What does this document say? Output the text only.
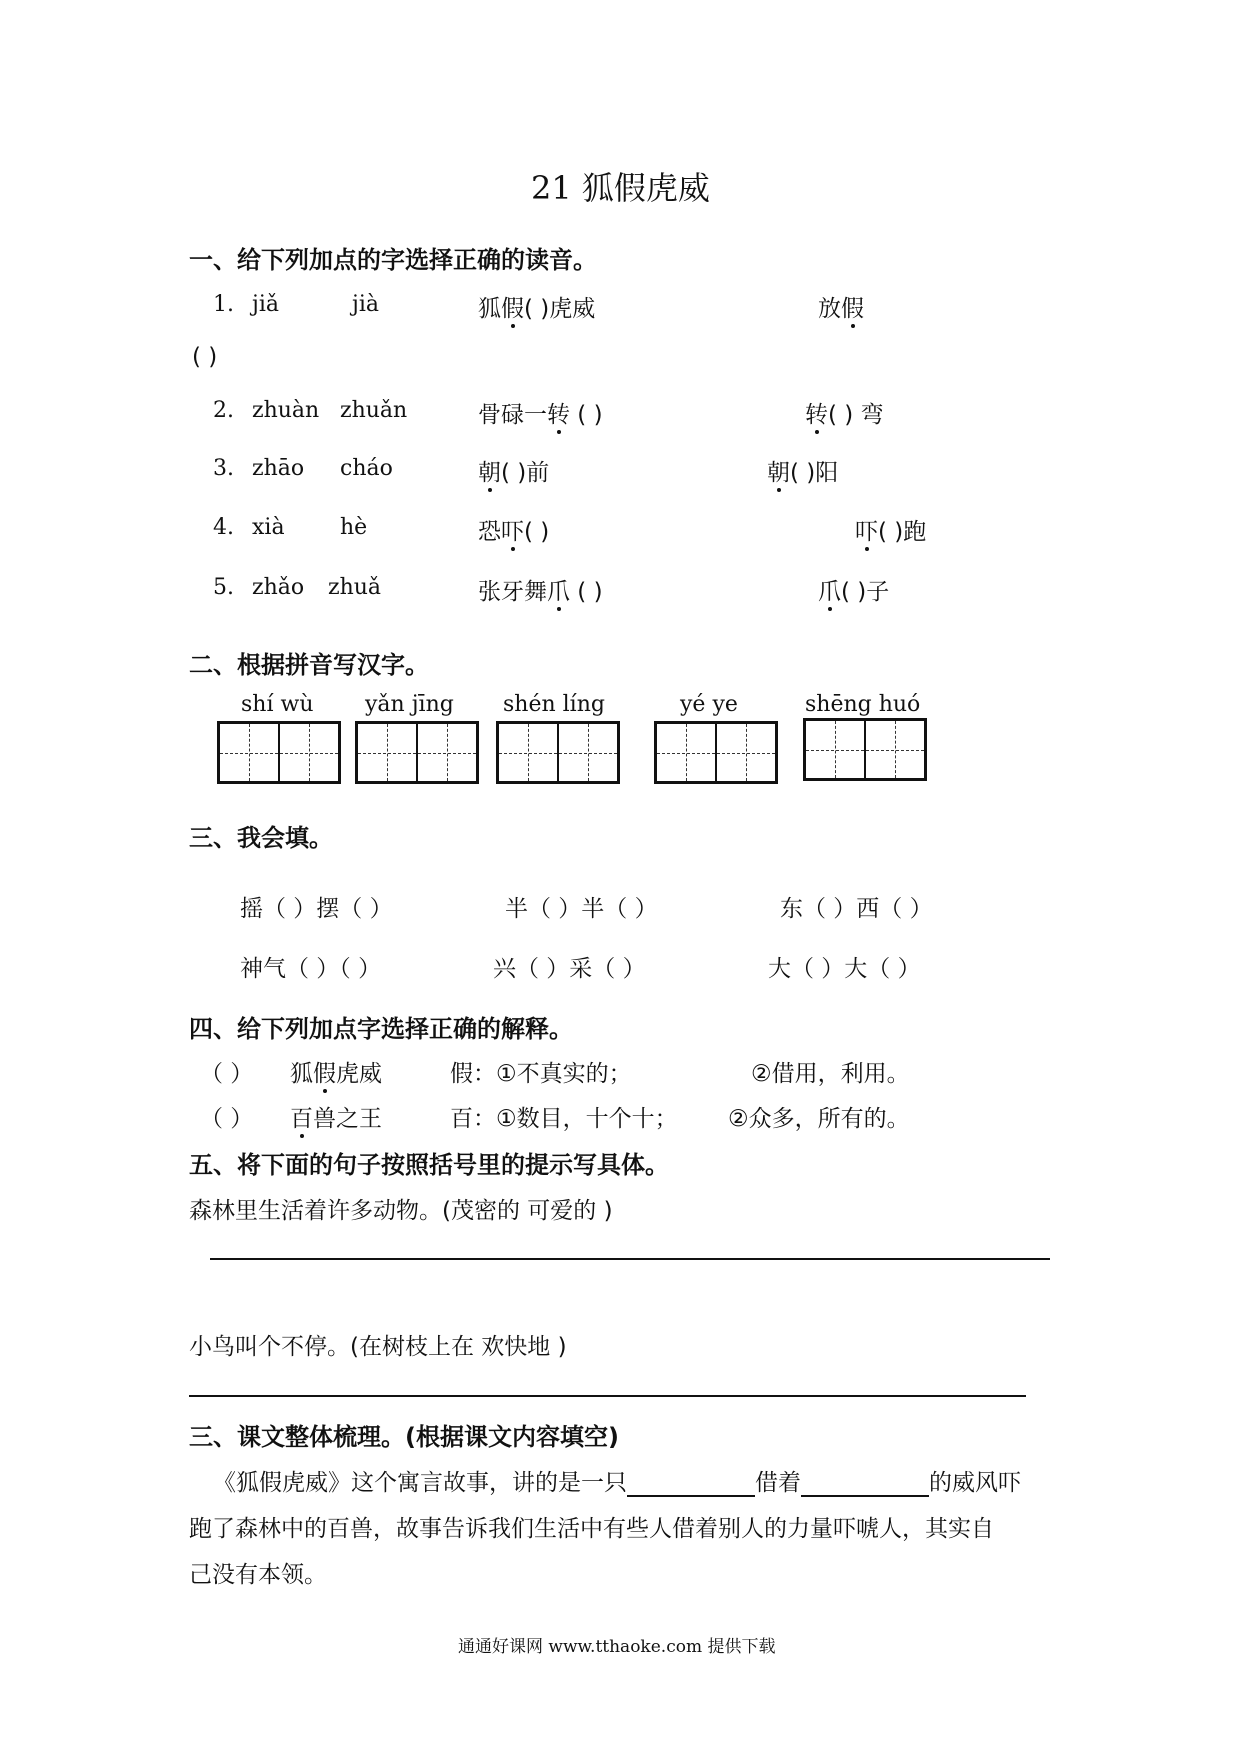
21 狐假虎威
一、给下列加点的字选择正确的读音。
1. jiǎ	jià	狐假( )虎威	放假
( )
2. zhuàn zhuǎn	骨碌一转 ( )	转( ) 弯
3. zhāo cháo	朝( )前	朝( )阳
4. xià	hè	恐吓( )	吓( )跑
5. zhǎo zhuǎ	张牙舞爪 ( )	爪( )子
二、根据拼音写汉字。
shí wù yǎn jīng shén líng	yé ye	shēng huó
三、我会填。
摇（ ）摆（ ）	半（ ）半（ ）	东（ ）西（ ）
神气（ ）（ ）	兴（ ）采（ ）	大（ ）大（ ）
四、给下列加点字选择正确的解释。
（ ） 狐假虎威	假：①不真实的；	②借用，利用。
（ ） 百兽之王	百：①数目，十个十； ②众多，所有的。
五、将下面的句子按照括号里的提示写具体。
森林里生活着许多动物。(茂密的 可爱的 )
小鸟叫个不停。(在树枝上在 欢快地 )
三、课文整体梳理。(根据课文内容填空)
《狐假虎威》这个寓言故事，讲的是一只	借着	的威风吓
跑了森林中的百兽，故事告诉我们生活中有些人借着别人的力量吓唬人，其实自
己没有本领。
通通好课网 www.tthaoke.com 提供下载
